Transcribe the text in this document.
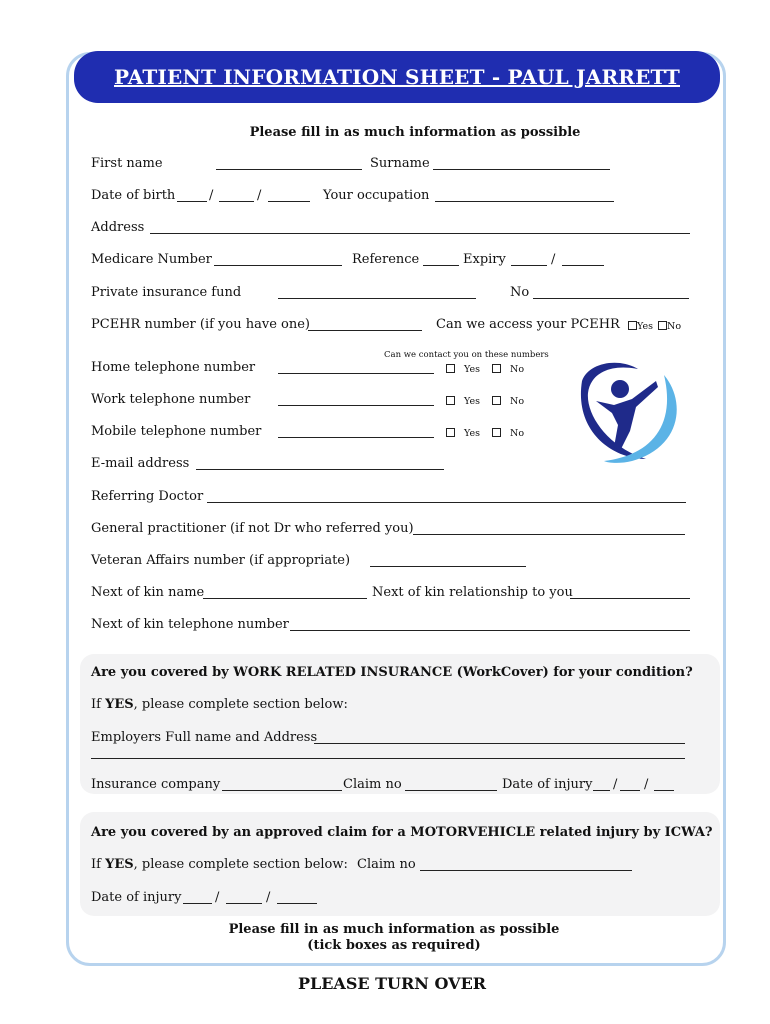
PATIENT INFORMATION SHEET - PAUL JARRETT
Please fill in as much information as possible
First name	Surname
Date of birth	/	/	Your occupation
Address
Medicare Number	Reference	Expiry	/
Private insurance fund	No
PCEHR number (if you have one)	Can we access your PCEHR Yes No
Can we contact you on these numbers
Home telephone number	Yes	No
Work telephone number	Yes	No
Mobile telephone number	Yes	No
E-mail address
Referring Doctor
General practitioner (if not Dr who referred you)
Veteran Affairs number (if appropriate)
Next of kin name	Next of kin relationship to you
Next of kin telephone number
Are you covered by WORK RELATED INSURANCE (WorkCover) for your condition?
If YES, please complete section below:
Employers Full name and Address
Insurance company	Claim no	Date of injury / /
Are you covered by an approved claim for a MOTORVEHICLE related injury by ICWA?
If YES, please complete section below: Claim no
Date of injury	/	/
Please fill in as much information as possible
(tick boxes as required)
PLEASE TURN OVER
